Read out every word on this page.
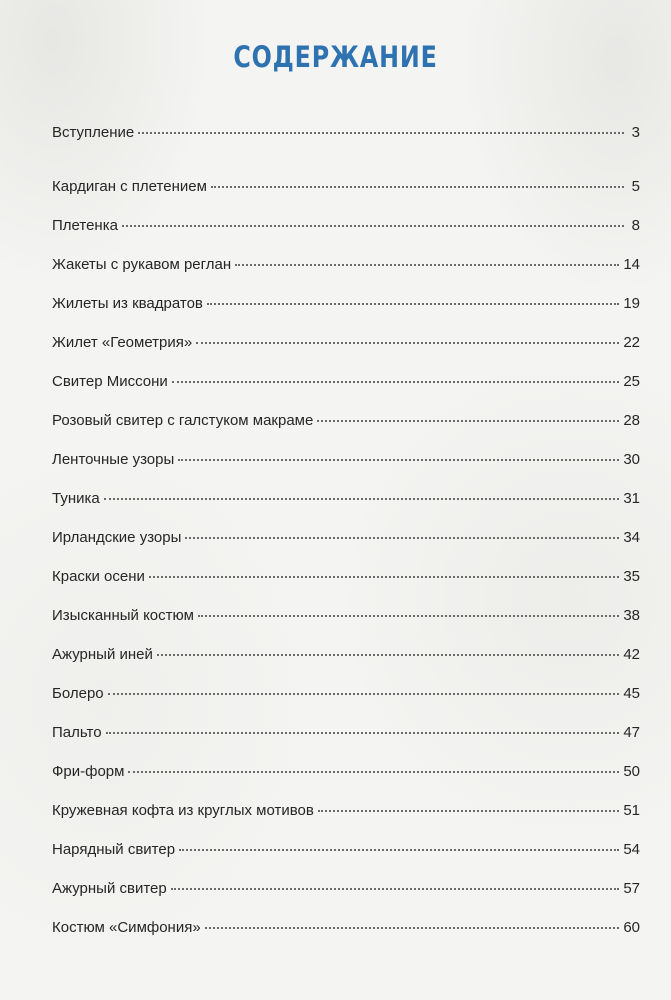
СОДЕРЖАНИЕ
Вступление	3
Кардиган с плетением	5
Плетенка	8
Жакеты с рукавом реглан	14
Жилеты из квадратов	19
Жилет «Геометрия»	22
Свитер Миссони	25
Розовый свитер с галстуком макраме	28
Ленточные узоры	30
Туника	31
Ирландские узоры	34
Краски осени	35
Изысканный костюм	38
Ажурный иней	42
Болеро	45
Пальто	47
Фри-форм	50
Кружевная кофта из круглых мотивов	51
Нарядный свитер	54
Ажурный свитер	57
Костюм «Симфония»	60
